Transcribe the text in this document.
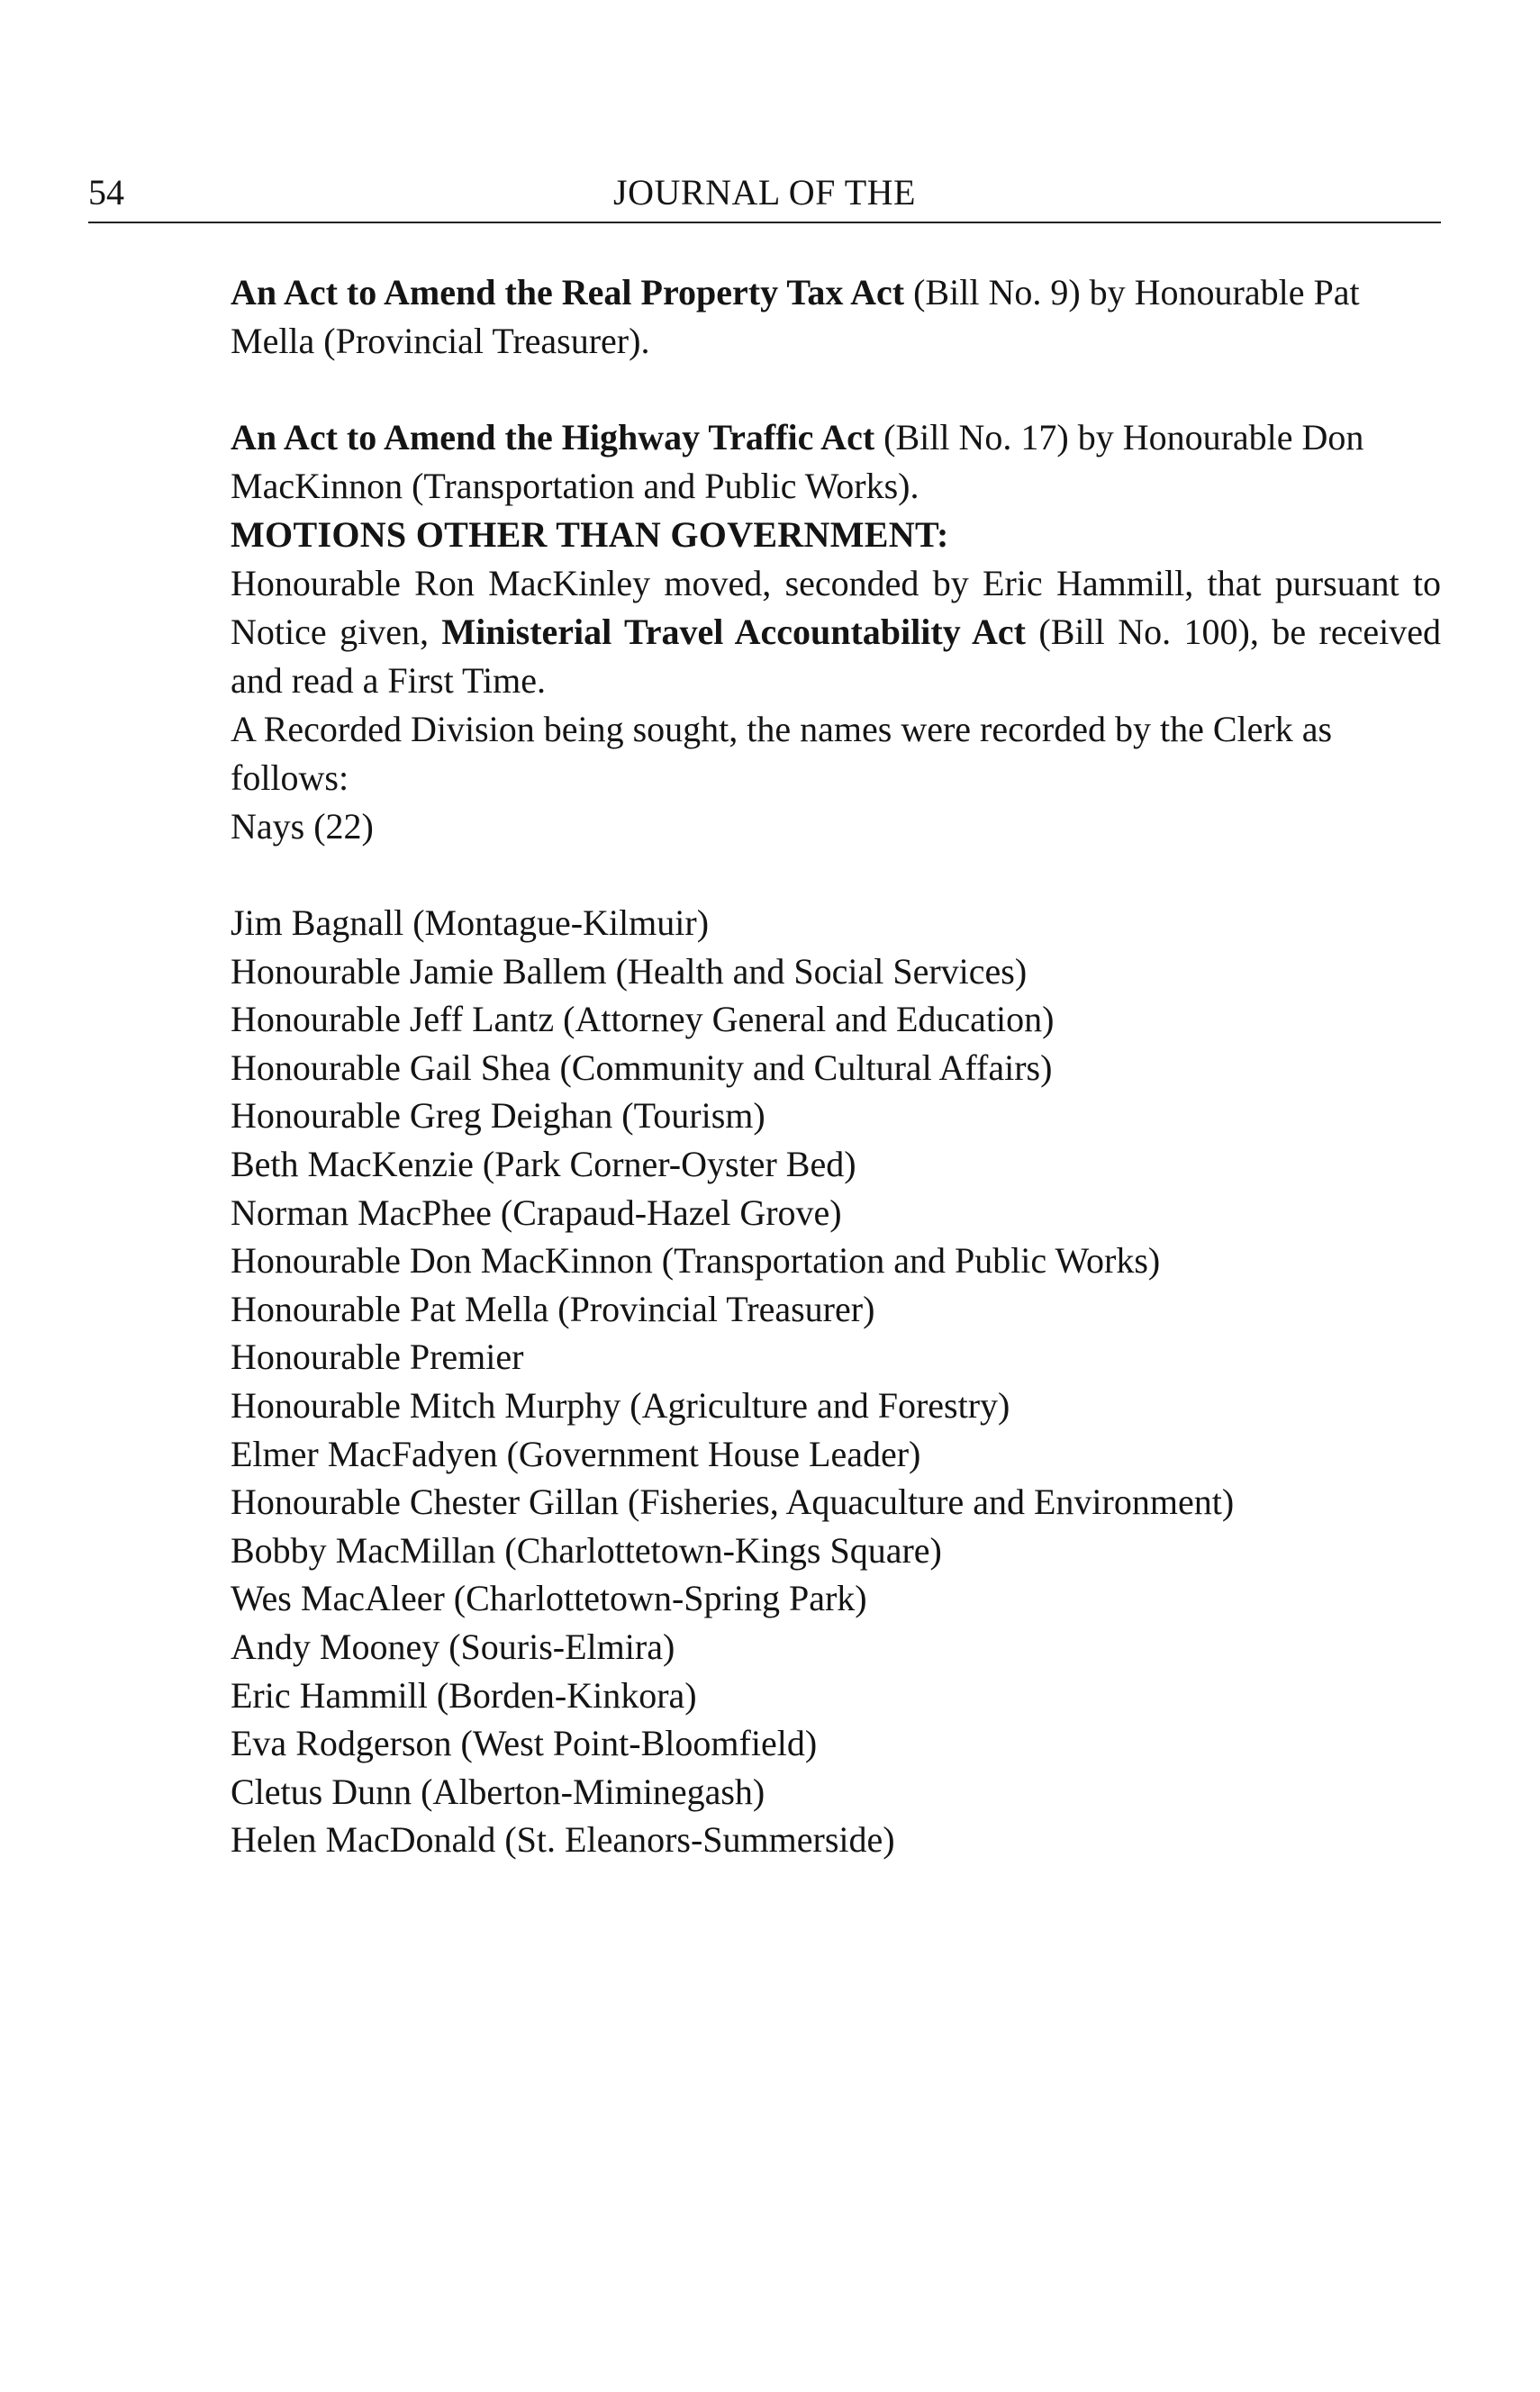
54	JOURNAL OF THE

An Act to Amend the Real Property Tax Act (Bill No. 9) by Honourable Pat Mella (Provincial Treasurer).

An Act to Amend the Highway Traffic Act (Bill No. 17) by Honourable Don MacKinnon (Transportation and Public Works).

MOTIONS OTHER THAN GOVERNMENT:

Honourable Ron MacKinley moved, seconded by Eric Hammill, that pursuant to Notice given, Ministerial Travel Accountability Act (Bill No. 100), be received and read a First Time.

A Recorded Division being sought, the names were recorded by the Clerk as follows:

Nays (22)

Jim Bagnall (Montague-Kilmuir)
Honourable Jamie Ballem (Health and Social Services)
Honourable Jeff Lantz (Attorney General and Education)
Honourable Gail Shea (Community and Cultural Affairs)
Honourable Greg Deighan (Tourism)
Beth MacKenzie (Park Corner-Oyster Bed)
Norman MacPhee (Crapaud-Hazel Grove)
Honourable Don MacKinnon (Transportation and Public Works)
Honourable Pat Mella (Provincial Treasurer)
Honourable Premier
Honourable Mitch Murphy (Agriculture and Forestry)
Elmer MacFadyen (Government House Leader)
Honourable Chester Gillan (Fisheries, Aquaculture and Environment)
Bobby MacMillan (Charlottetown-Kings Square)
Wes MacAleer (Charlottetown-Spring Park)
Andy Mooney (Souris-Elmira)
Eric Hammill (Borden-Kinkora)
Eva Rodgerson (West Point-Bloomfield)
Cletus Dunn (Alberton-Miminegash)
Helen MacDonald (St. Eleanors-Summerside)
